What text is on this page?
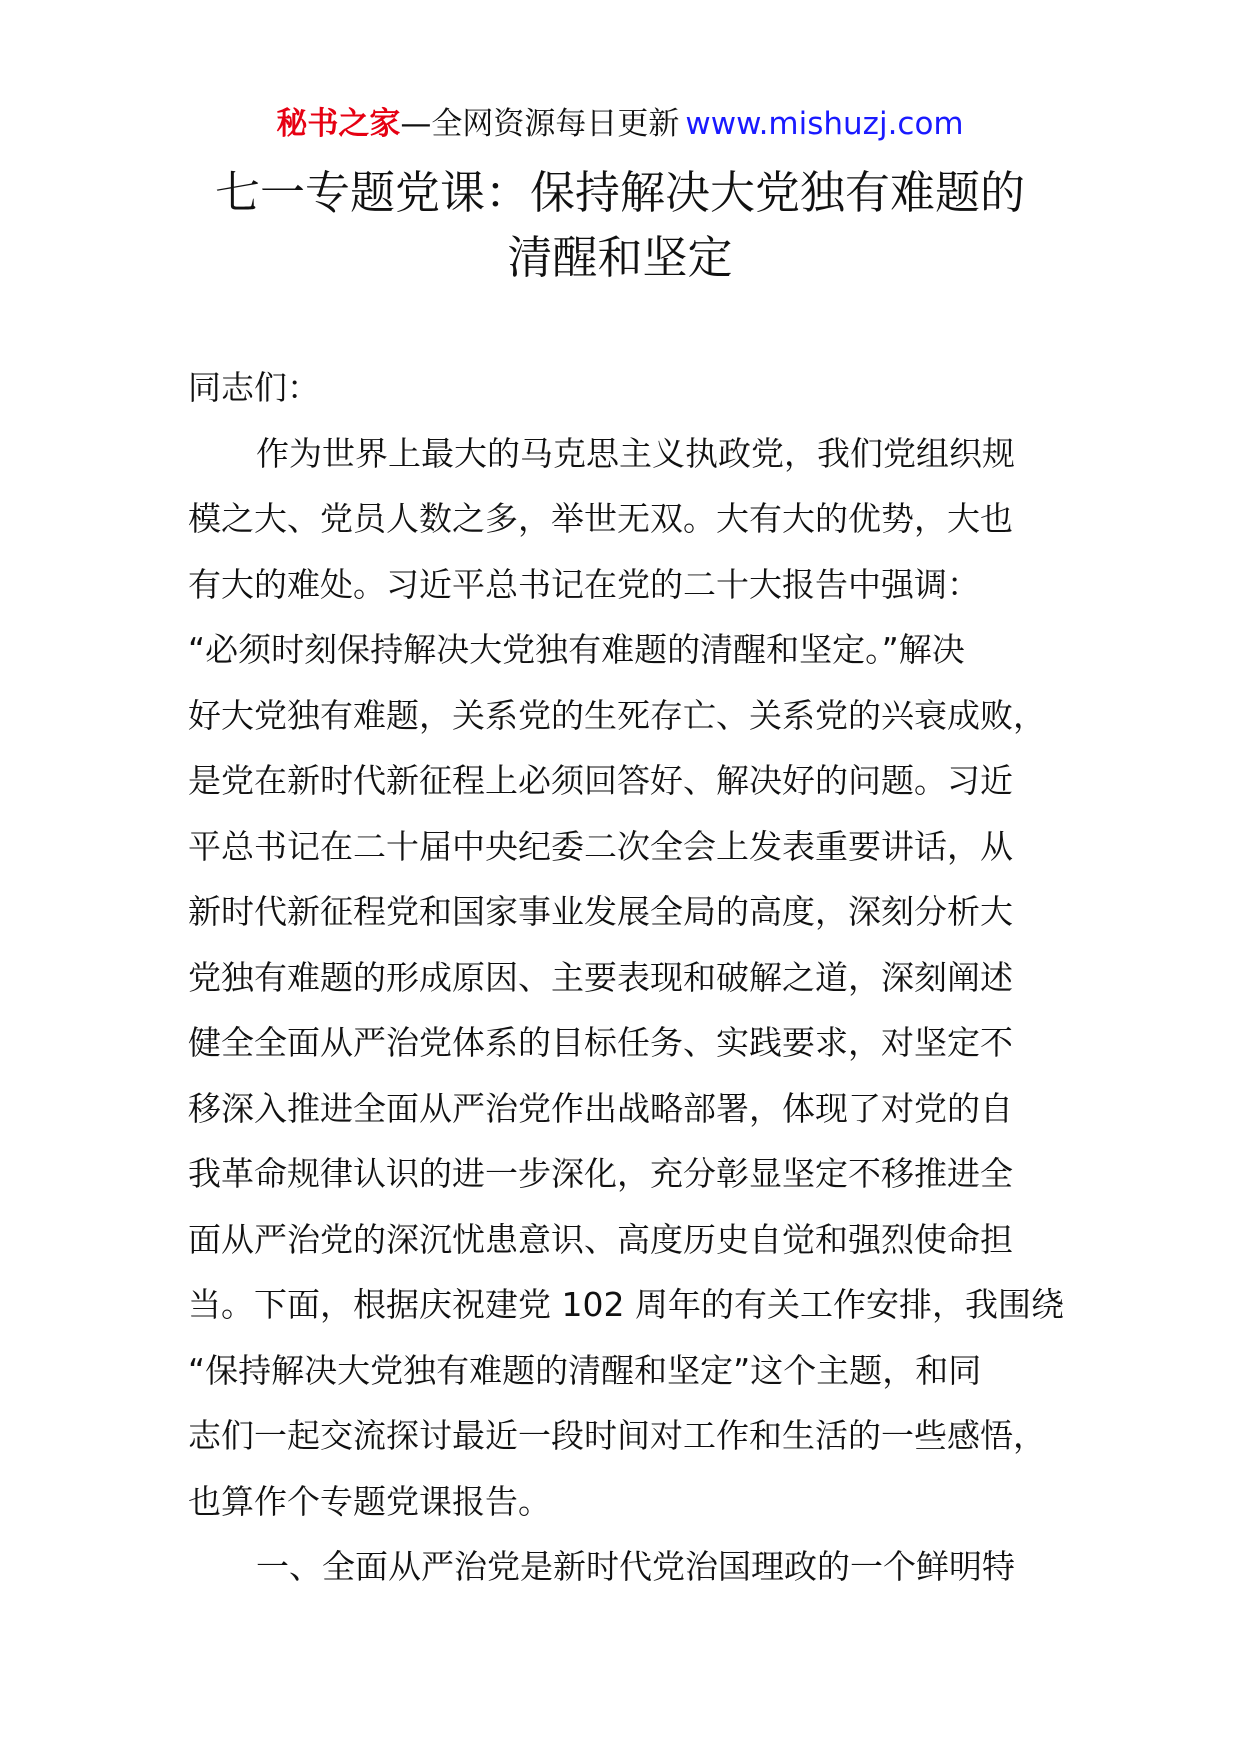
秘书之家—全网资源每日更新 www.mishuzj.com
七一专题党课：保持解决大党独有难题的
清醒和坚定
同志们：
作为世界上最大的马克思主义执政党，我们党组织规
模之大、党员人数之多，举世无双。大有大的优势，大也
有大的难处。习近平总书记在党的二十大报告中强调：
“必须时刻保持解决大党独有难题的清醒和坚定。”解决
好大党独有难题，关系党的生死存亡、关系党的兴衰成败，
是党在新时代新征程上必须回答好、解决好的问题。习近
平总书记在二十届中央纪委二次全会上发表重要讲话，从
新时代新征程党和国家事业发展全局的高度，深刻分析大
党独有难题的形成原因、主要表现和破解之道，深刻阐述
健全全面从严治党体系的目标任务、实践要求，对坚定不
移深入推进全面从严治党作出战略部署，体现了对党的自
我革命规律认识的进一步深化，充分彰显坚定不移推进全
面从严治党的深沉忧患意识、高度历史自觉和强烈使命担
当。下面，根据庆祝建党 102 周年的有关工作安排，我围绕
“保持解决大党独有难题的清醒和坚定”这个主题，和同
志们一起交流探讨最近一段时间对工作和生活的一些感悟，
也算作个专题党课报告。
一、全面从严治党是新时代党治国理政的一个鲜明特
